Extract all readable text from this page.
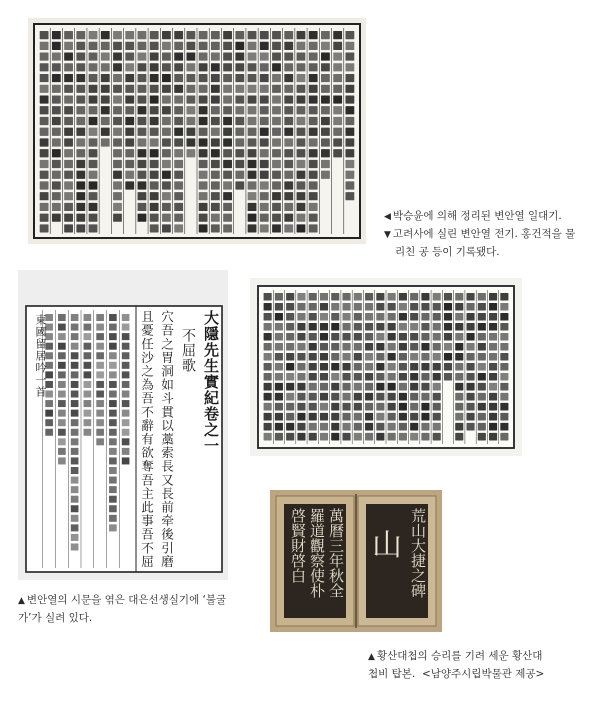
◀ 박승윤에 의해 정리된 변안열 일대기.
▼ 고려사에 실린 변안열 전기. 홍건적을 물
리친 공 등이 기록됐다.
大隱先生實紀卷之一
不屈歌
穴吾之胃洞如斗貫以藁索長又長前牵後引磨
且憂任沙之為吾不辭有欲奪吾主此事吾不屈
東國留居吟一首
▲ 변안열의 시문을 엮은 대은선생실기에 ‘불굴
가’가 실려 있다.
萬曆三年秋全
羅道觀察使朴
啓賢財啓白	荒山大捷之碑
山
▲ 황산대첩의 승리를 기려 세운 황산대
첩비 탑본. <남양주시립박물관 제공>
